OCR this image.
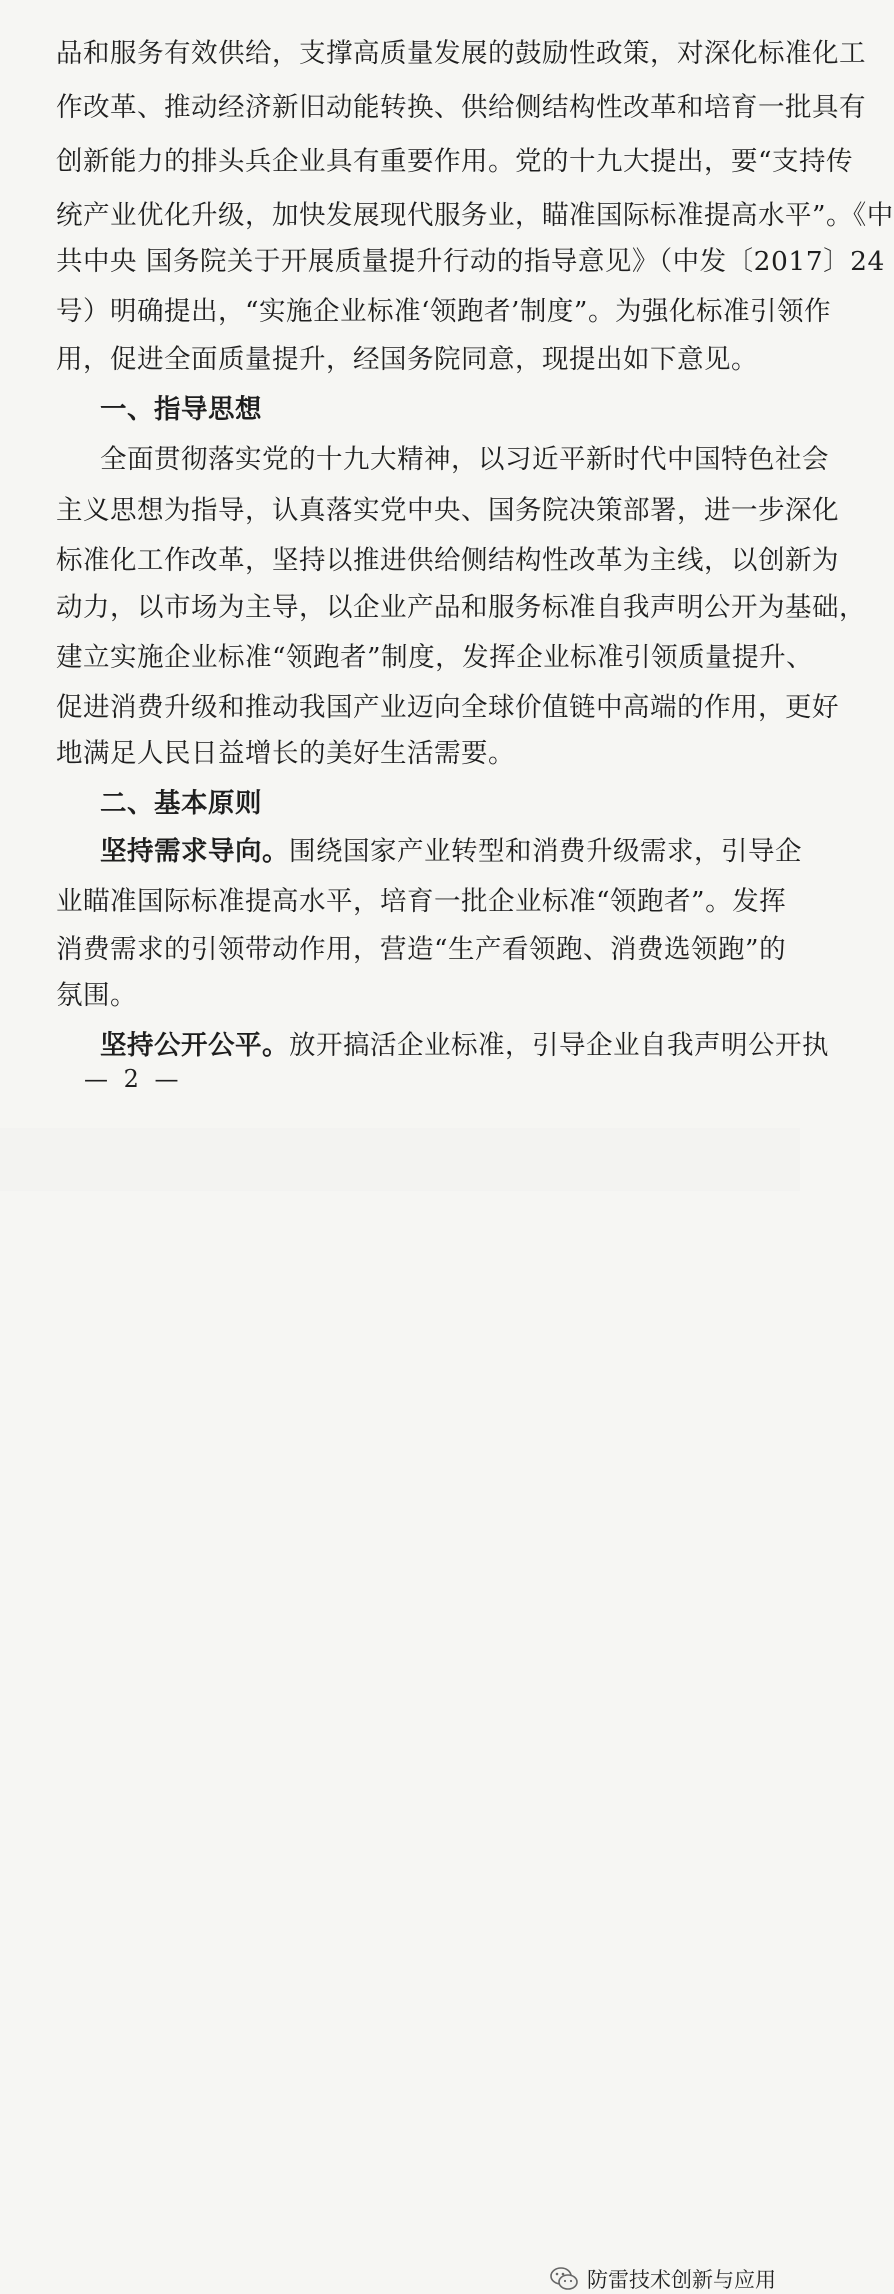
品和服务有效供给，支撑高质量发展的鼓励性政策，对深化标准化工
作改革、推动经济新旧动能转换、供给侧结构性改革和培育一批具有
创新能力的排头兵企业具有重要作用。党的十九大提出，要“支持传
统产业优化升级，加快发展现代服务业，瞄准国际标准提高水平”。《中
共中央 国务院关于开展质量提升行动的指导意见》（中发〔2017〕24
号）明确提出，“实施企业标准‘领跑者’制度”。为强化标准引领作
用，促进全面质量提升，经国务院同意，现提出如下意见。
一、指导思想
全面贯彻落实党的十九大精神，以习近平新时代中国特色社会
主义思想为指导，认真落实党中央、国务院决策部署，进一步深化
标准化工作改革，坚持以推进供给侧结构性改革为主线，以创新为
动力，以市场为主导，以企业产品和服务标准自我声明公开为基础，
建立实施企业标准“领跑者”制度，发挥企业标准引领质量提升、
促进消费升级和推动我国产业迈向全球价值链中高端的作用，更好
地满足人民日益增长的美好生活需要。
二、基本原则
坚持需求导向。围绕国家产业转型和消费升级需求，引导企
业瞄准国际标准提高水平，培育一批企业标准“领跑者”。发挥
消费需求的引领带动作用，营造“生产看领跑、消费选领跑”的
氛围。
坚持公开公平。放开搞活企业标准，引导企业自我声明公开执
— 2 —
防雷技术创新与应用
